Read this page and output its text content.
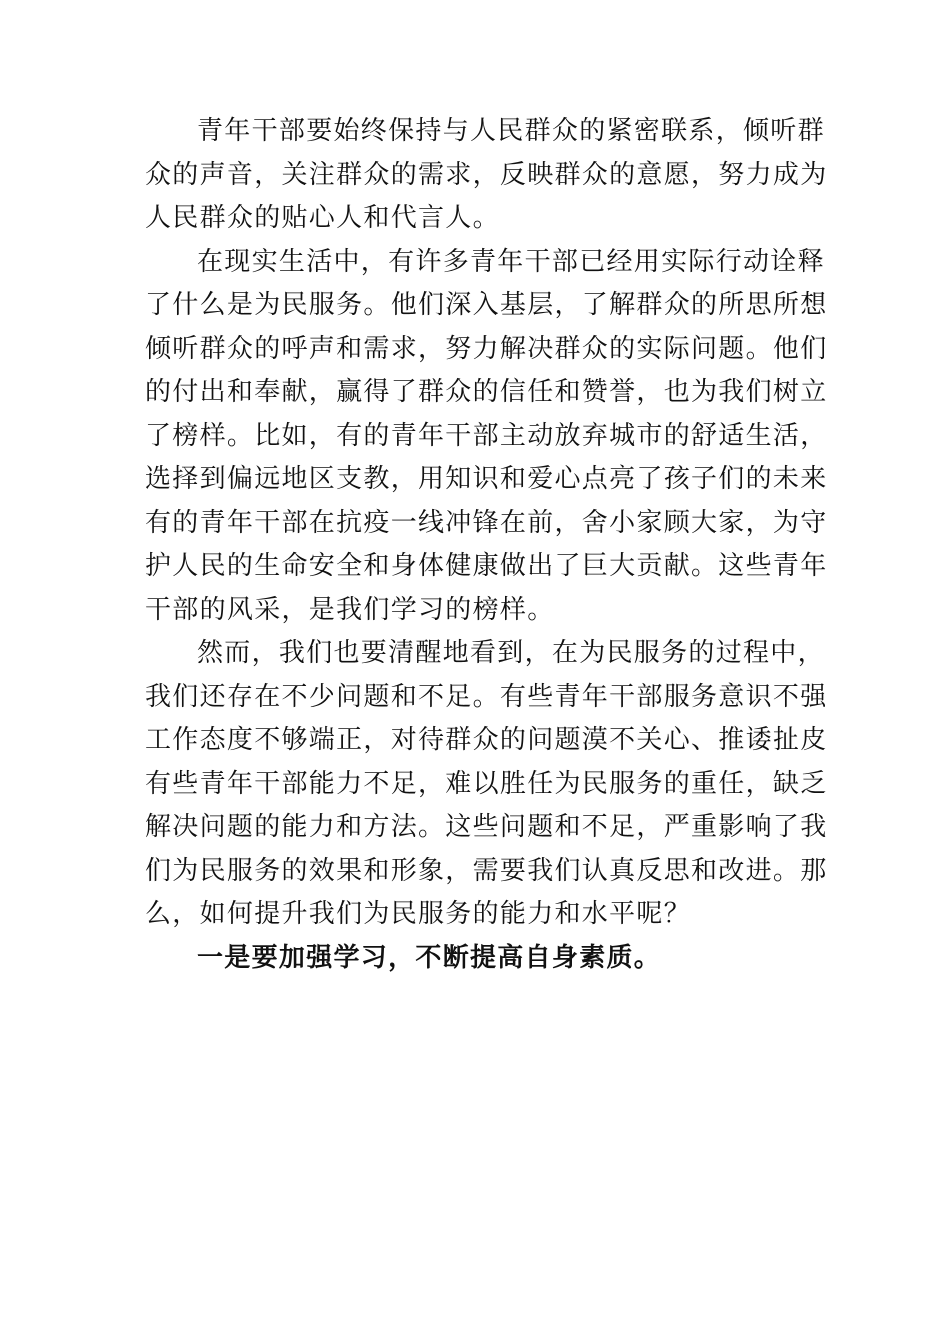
青年干部要始终保持与人民群众的紧密联系，倾听群
众的声音，关注群众的需求，反映群众的意愿，努力成为
人民群众的贴心人和代言人。
在现实生活中，有许多青年干部已经用实际行动诠释
了什么是为民服务。他们深入基层，了解群众的所思所想
倾听群众的呼声和需求，努力解决群众的实际问题。他们
的付出和奉献，赢得了群众的信任和赞誉，也为我们树立
了榜样。比如，有的青年干部主动放弃城市的舒适生活，
选择到偏远地区支教，用知识和爱心点亮了孩子们的未来
有的青年干部在抗疫一线冲锋在前，舍小家顾大家，为守
护人民的生命安全和身体健康做出了巨大贡献。这些青年
干部的风采，是我们学习的榜样。
然而，我们也要清醒地看到，在为民服务的过程中，
我们还存在不少问题和不足。有些青年干部服务意识不强
工作态度不够端正，对待群众的问题漠不关心、推诿扯皮
有些青年干部能力不足，难以胜任为民服务的重任，缺乏
解决问题的能力和方法。这些问题和不足，严重影响了我
们为民服务的效果和形象，需要我们认真反思和改进。那
么，如何提升我们为民服务的能力和水平呢？
一是要加强学习，不断提高自身素质。
